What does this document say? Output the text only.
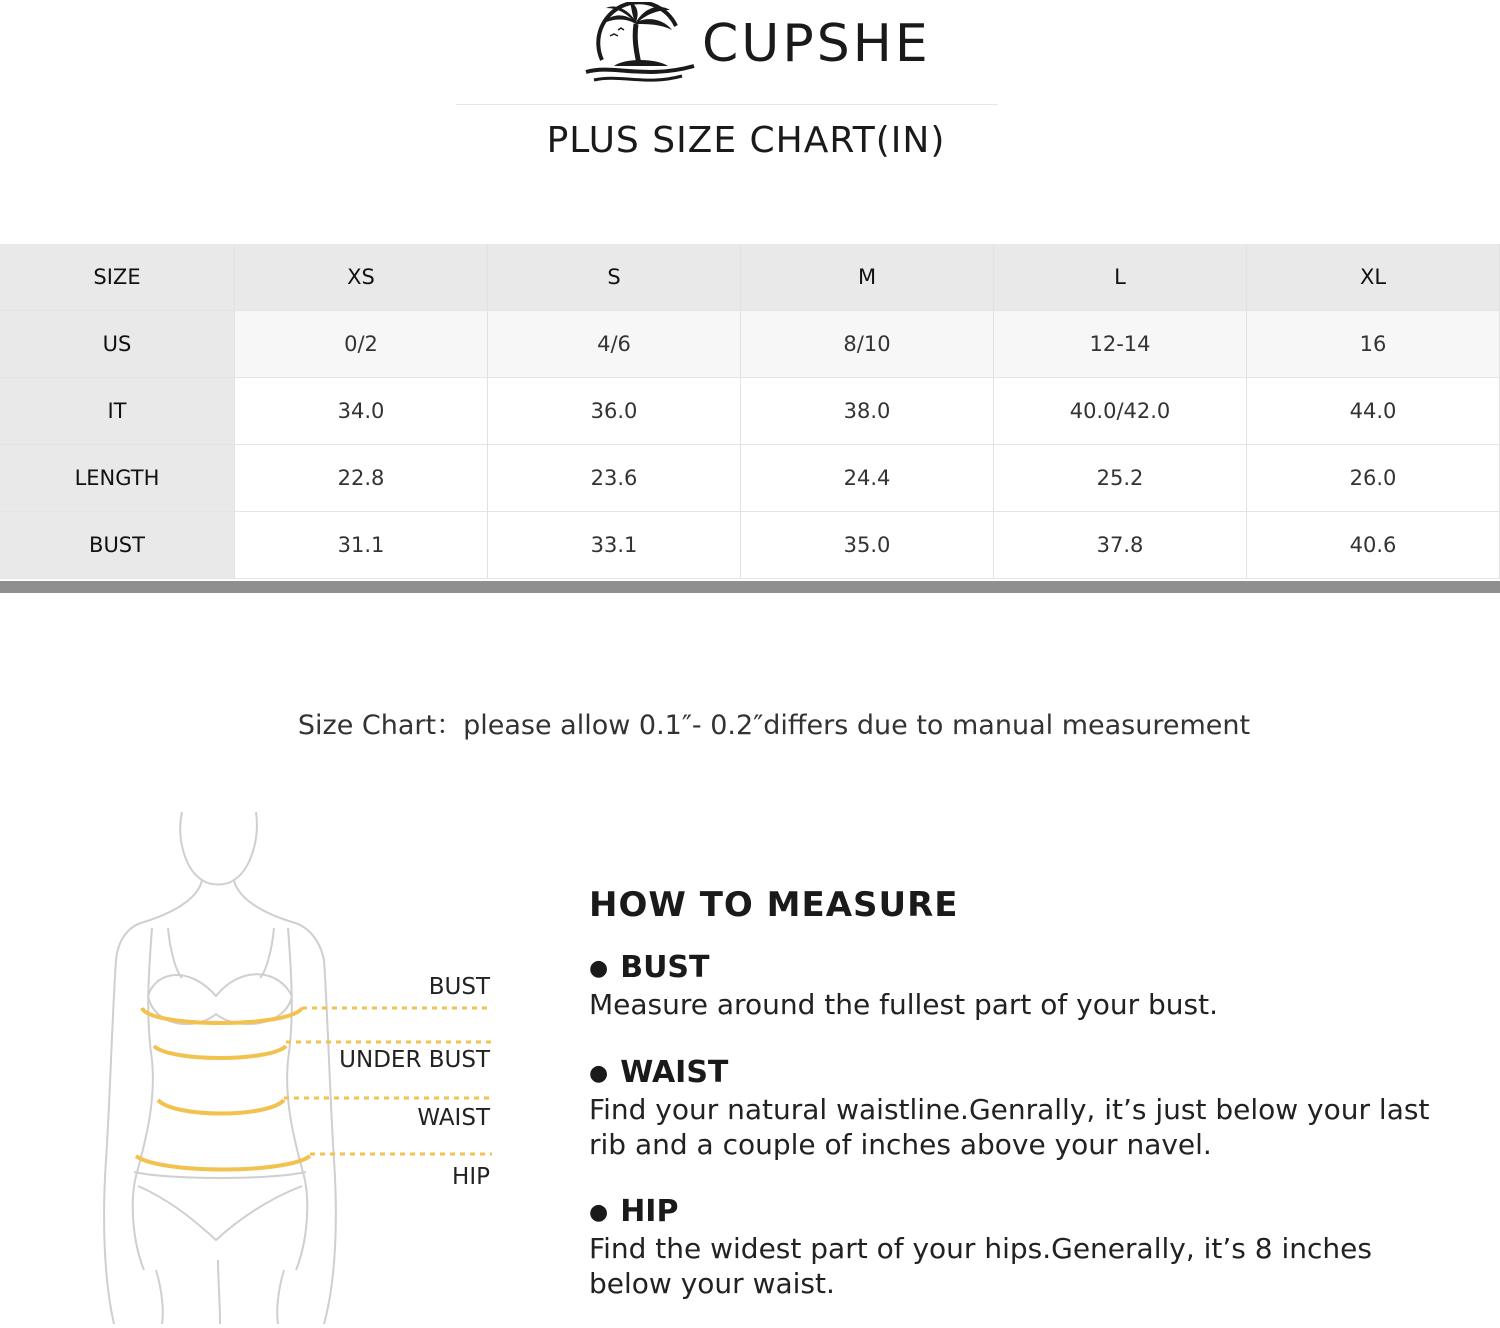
CUPSHE
PLUS SIZE CHART(IN)
SIZE	XS	S	M	L	XL
US	0/2	4/6	8/10	12-14	16
IT	34.0	36.0	38.0	40.0/42.0	44.0
LENGTH	22.8	23.6	24.4	25.2	26.0
BUST	31.1	33.1	35.0	37.8	40.6
Size Chart：please allow 0.1″- 0.2″differs due to manual measurement
BUST
UNDER BUST
WAIST
HIP
HOW TO MEASURE
● BUST
Measure around the fullest part of your bust.
● WAIST
Find your natural waistline.Genrally, it’s just below your last
rib and a couple of inches above your navel.
● HIP
Find the widest part of your hips.Generally, it’s 8 inches
below your waist.
